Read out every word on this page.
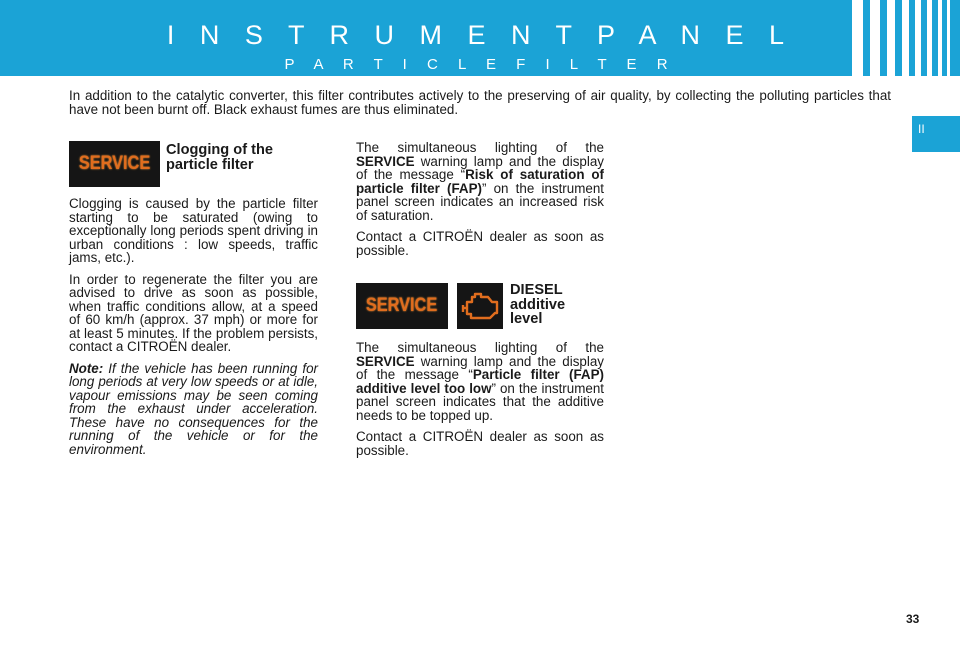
I N S T R U M E N T P A N E L
P A R T I C L E F I L T E R
II
In addition to the catalytic converter, this filter contributes actively to the preserving of air quality, by collecting the polluting particles that have not been burnt off. Black exhaust fumes are thus eliminated.
SERVICE
Clogging of the particle filter

Clogging is caused by the particle filter starting to be saturated (owing to exceptionally long periods spent driving in urban conditions : low speeds, traffic jams, etc.).

In order to regenerate the filter you are advised to drive as soon as possible, when traffic conditions allow, at a speed of 60 km/h (approx. 37 mph) or more for at least 5 minutes. If the problem persists, contact a CITROËN dealer.

Note: If the vehicle has been running for long periods at very low speeds or at idle, vapour emissions may be seen coming from the exhaust under acceleration. These have no consequences for the running of the vehicle or for the environment.

The simultaneous lighting of the SERVICE warning lamp and the display of the message “Risk of saturation of particle filter (FAP)” on the instrument panel screen indicates an increased risk of saturation.

Contact a CITROËN dealer as soon as possible.

SERVICE
DIESEL additive level

The simultaneous lighting of the SERVICE warning lamp and the display of the message “Particle filter (FAP) additive level too low” on the instrument panel screen indicates that the additive needs to be topped up.

Contact a CITROËN dealer as soon as possible.

33
